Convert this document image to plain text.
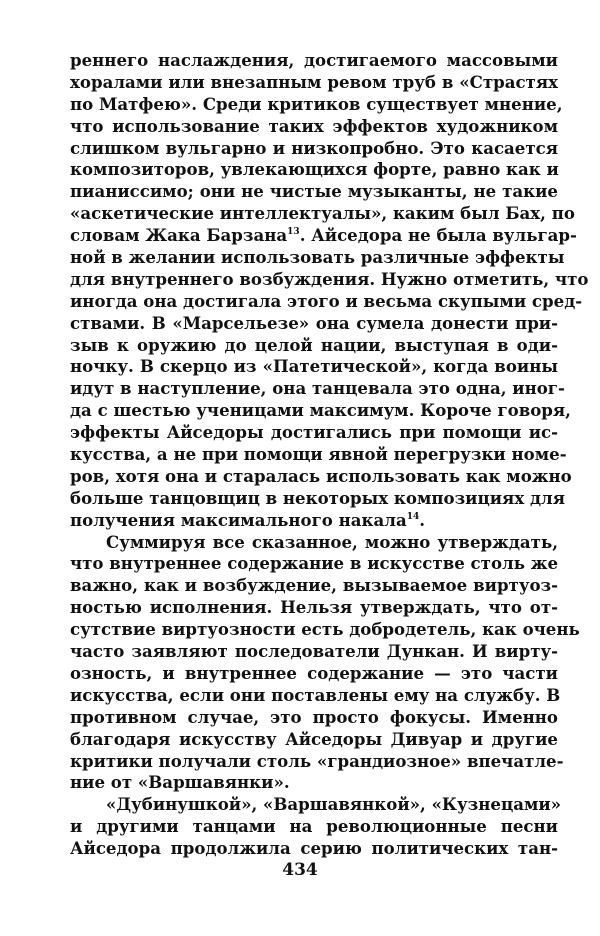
реннего наслаждения, достигаемого массовыми
хоралами или внезапным ревом труб в «Страстях
по Матфею». Среди критиков существует мнение,
что использование таких эффектов художником
слишком вульгарно и низкопробно. Это касается
композиторов, увлекающихся форте, равно как и
пианиссимо; они не чистые музыканты, не такие
«аскетические интеллектуалы», каким был Бах, по
словам Жака Барзана$^{13}$. Айседора не была вульгар-
ной в желании использовать различные эффекты
для внутреннего возбуждения. Нужно отметить, что
иногда она достигала этого и весьма скупыми сред-
ствами. В «Марсельезе» она сумела донести при-
зыв к оружию до целой нации, выступая в оди-
ночку. В скерцо из «Патетической», когда воины
идут в наступление, она танцевала это одна, иног-
да с шестью ученицами максимум. Короче говоря,
эффекты Айседоры достигались при помощи ис-
кусства, а не при помощи явной перегрузки номе-
ров, хотя она и старалась использовать как можно
больше танцовщиц в некоторых композициях для
получения максимального накала$^{14}$.
Суммируя все сказанное, можно утверждать,
что внутреннее содержание в искусстве столь же
важно, как и возбуждение, вызываемое виртуоз-
ностью исполнения. Нельзя утверждать, что от-
сутствие виртуозности есть добродетель, как очень
часто заявляют последователи Дункан. И вирту-
озность, и внутреннее содержание — это части
искусства, если они поставлены ему на службу. В
противном случае, это просто фокусы. Именно
благодаря искусству Айседоры Дивуар и другие
критики получали столь «грандиозное» впечатле-
ние от «Варшавянки».
«Дубинушкой», «Варшавянкой», «Кузнецами»
и другими танцами на революционные песни
Айседора продолжила серию политических тан-
434
